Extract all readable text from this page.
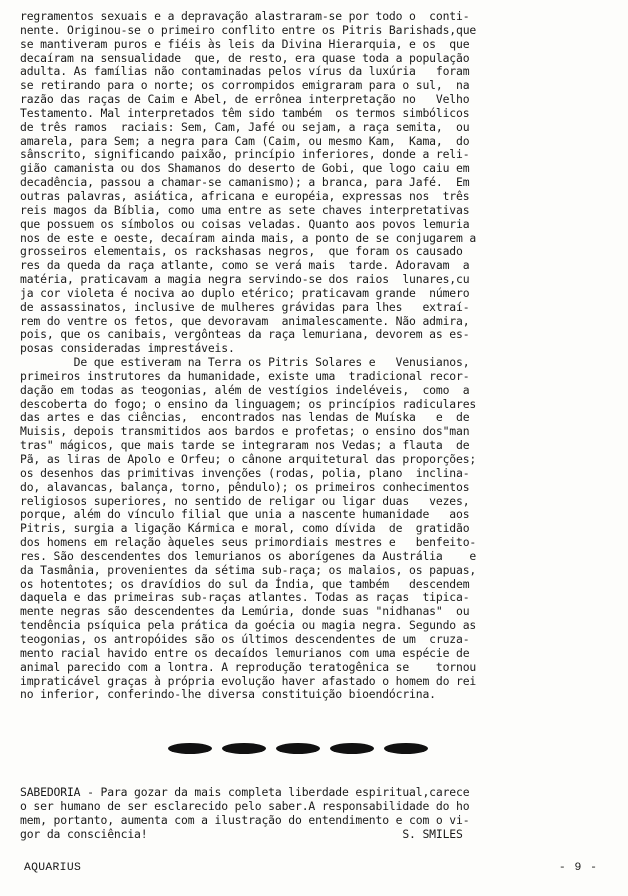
regramentos sexuais e a depravação alastraram-se por todo o  conti-
nente. Originou-se o primeiro conflito entre os Pitris Barishads,que
se mantiveram puros e fiéis às leis da Divina Hierarquia, e os  que
decaíram na sensualidade  que, de resto, era quase toda a população
adulta. As famílias não contaminadas pelos vírus da luxúria   foram
se retirando para o norte; os corrompidos emigraram para o sul,  na
razão das raças de Caim e Abel, de errônea interpretação no   Velho
Testamento. Mal interpretados têm sido também  os termos simbólicos
de três ramos  raciais: Sem, Cam, Jafé ou sejam, a raça semita,  ou
amarela, para Sem; a negra para Cam (Caim, ou mesmo Kam,  Kama,  do
sânscrito, significando paixão, princípio inferiores, donde a reli-
gião camanista ou dos Shamanos do deserto de Gobi, que logo caiu em
decadência, passou a chamar-se camanismo); a branca, para Jafé.  Em
outras palavras, asiática, africana e européia, expressas nos  três
reis magos da Bíblia, como uma entre as sete chaves interpretativas
que possuem os símbolos ou coisas veladas. Quanto aos povos lemuria
nos de este e oeste, decaíram ainda mais, a ponto de se conjugarem a
grosseiros elementais, os rackshasas negros,  que foram os causado
res da queda da raça atlante, como se verá mais  tarde. Adoravam  a
matéria, praticavam a magia negra servindo-se dos raios  lunares,cu
ja cor violeta é nociva ao duplo etérico; praticavam grande  número
de assassinatos, inclusive de mulheres grávidas para lhes   extraí-
rem do ventre os fetos, que devoravam  animalescamente. Não admira,
pois, que os canibais, vergônteas da raça lemuriana, devorem as es-
posas consideradas imprestáveis.
De que estiveram na Terra os Pitris Solares e   Venusianos,
primeiros instrutores da humanidade, existe uma  tradicional recor-
dação em todas as teogonias, além de vestígios indeléveis,  como  a
descoberta do fogo; o ensino da linguagem; os princípios radiculares
das artes e das ciências,  encontrados nas lendas de Muíska   e  de
Muisis, depois transmitidos aos bardos e profetas; o ensino dos"man
tras" mágicos, que mais tarde se integraram nos Vedas; a flauta  de
Pã, as liras de Apolo e Orfeu; o cânone arquitetural das proporções;
os desenhos das primitivas invenções (rodas, polia, plano  inclina-
do, alavancas, balança, torno, pêndulo); os primeiros conhecimentos
religiosos superiores, no sentido de religar ou ligar duas   vezes,
porque, além do vínculo filial que unia a nascente humanidade   aos
Pitris, surgia a ligação Kármica e moral, como dívida  de  gratidão
dos homens em relação àqueles seus primordiais mestres e   benfeito-
res. São descendentes dos lemurianos os aborígenes da Austrália    e
da Tasmânia, provenientes da sétima sub-raça; os malaios, os papuas,
os hotentotes; os dravídios do sul da Índia, que também   descendem
daquela e das primeiras sub-raças atlantes. Todas as raças  tipica-
mente negras são descendentes da Lemúria, donde suas "nidhanas"  ou
tendência psíquica pela prática da goécia ou magia negra. Segundo as
teogonias, os antropóides são os últimos descendentes de um  cruza-
mento racial havido entre os decaídos lemurianos com uma espécie de
animal parecido com a lontra. A reprodução teratogênica se    tornou
impraticável graças à própria evolução haver afastado o homem do rei
no inferior, conferindo-lhe diversa constituição bioendócrina.
SABEDORIA - Para gozar da mais completa liberdade espiritual,carece
o ser humano de ser esclarecido pelo saber.A responsabilidade do ho
mem, portanto, aumenta com a ilustração do entendimento e com o vi-
gor da consciência!                                      S. SMILES
AQUARIUS	- 9 -
